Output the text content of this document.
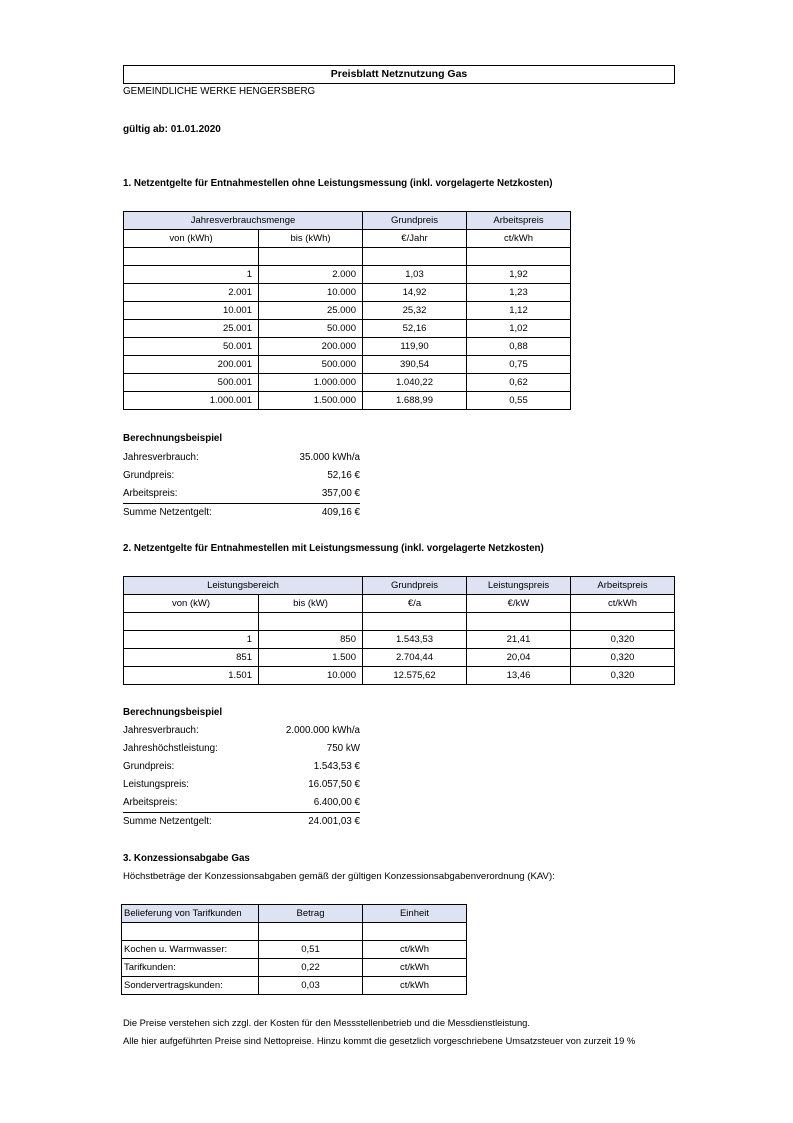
Preisblatt Netznutzung Gas
GEMEINDLICHE WERKE HENGERSBERG
gültig ab: 01.01.2020
1. Netzentgelte für Entnahmestellen ohne Leistungsmessung (inkl. vorgelagerte Netzkosten)
Jahresverbrauchsmenge		Grundpreis	Arbeitspreis
von (kWh)	bis (kWh)	€/Jahr	ct/kWh

1	2.000	1,03	1,92
2.001	10.000	14,92	1,23
10.001	25.000	25,32	1,12
25.001	50.000	52,16	1,02
50.001	200.000	119,90	0,88
200.001	500.000	390,54	0,75
500.001	1.000.000	1.040,22	0,62
1.000.001	1.500.000	1.688,99	0,55
Berechnungsbeispiel
Jahresverbrauch:	35.000 kWh/a
Grundpreis:	52,16 €
Arbeitspreis:	357,00 €
Summe Netzentgelt:	409,16 €
2. Netzentgelte für Entnahmestellen mit Leistungsmessung (inkl. vorgelagerte Netzkosten)
Leistungsbereich		Grundpreis	Leistungspreis	Arbeitspreis
von (kW)	bis (kW)	€/a	€/kW	ct/kWh

1	850	1.543,53	21,41	0,320
851	1.500	2.704,44	20,04	0,320
1.501	10.000	12.575,62	13,46	0,320
Berechnungsbeispiel
Jahresverbrauch:	2.000.000 kWh/a
Jahreshöchstleistung:	750 kW
Grundpreis:	1.543,53 €
Leistungspreis:	16.057,50 €
Arbeitspreis:	6.400,00 €
Summe Netzentgelt:	24.001,03 €
3. Konzessionsabgabe Gas
Höchstbeträge der Konzessionsabgaben gemäß der gültigen Konzessionsabgabenverordnung (KAV):
Belieferung von Tarifkunden	Betrag	Einheit

Kochen u. Warmwasser:	0,51	ct/kWh
Tarifkunden:	0,22	ct/kWh
Sondervertragskunden:	0,03	ct/kWh
Die Preise verstehen sich zzgl. der Kosten für den Messstellenbetrieb und die Messdienstleistung.
Alle hier aufgeführten Preise sind Nettopreise. Hinzu kommt die gesetzlich vorgeschriebene Umsatzsteuer von zurzeit 19 %
